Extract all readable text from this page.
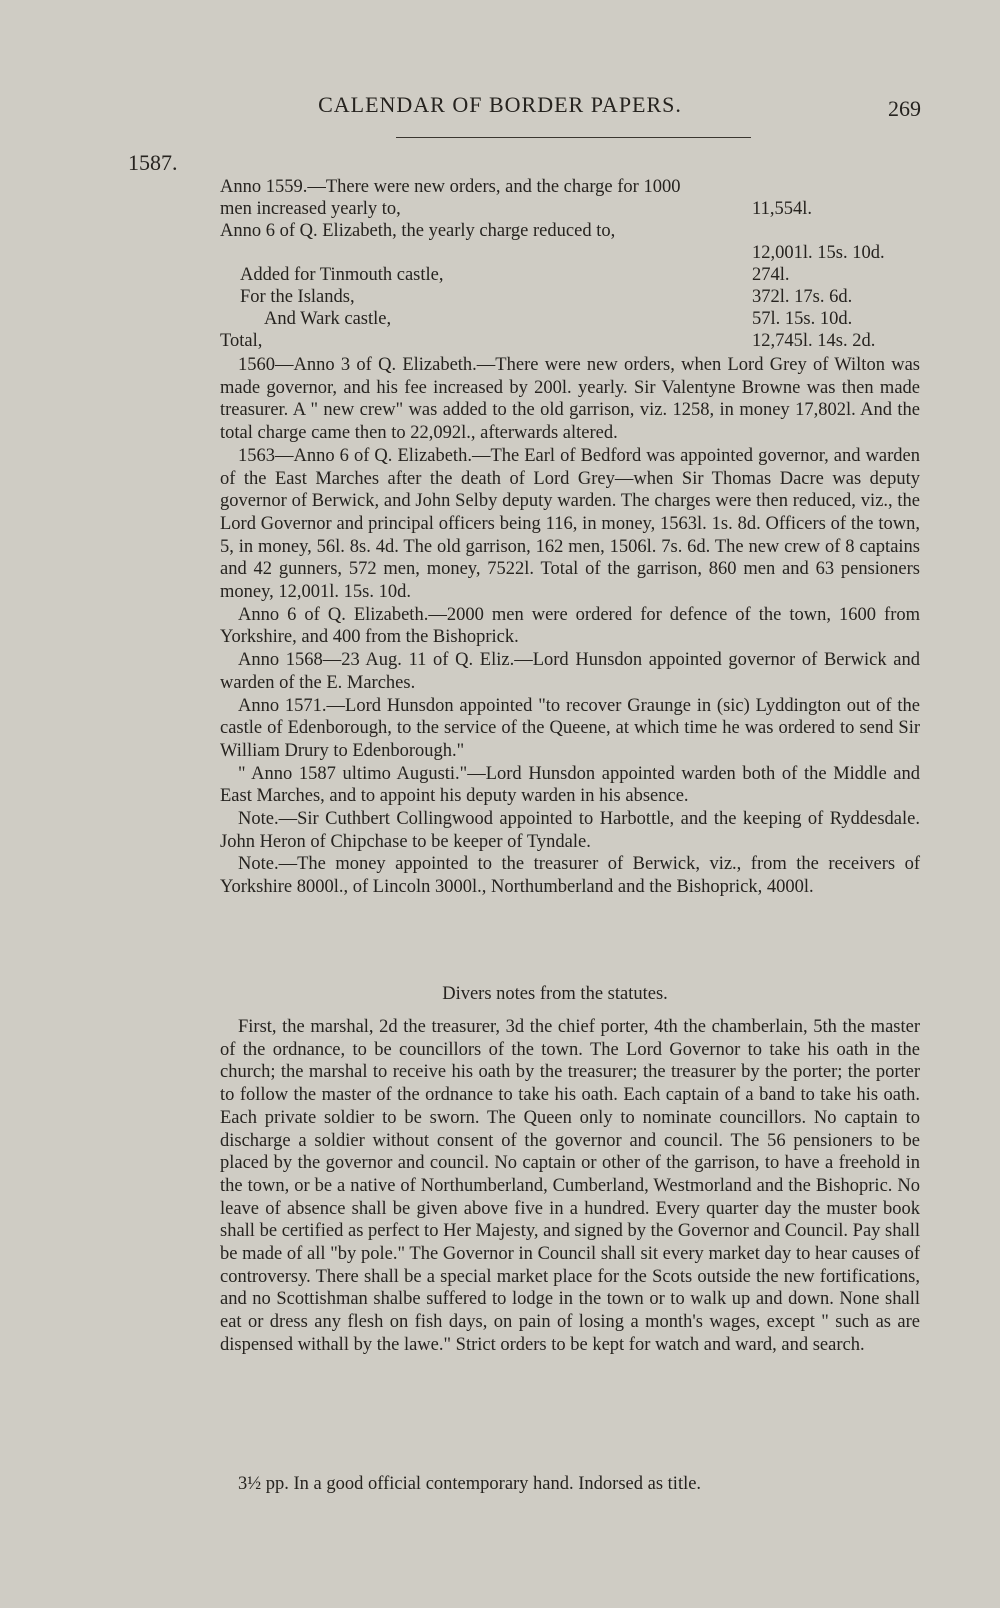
CALENDAR OF BORDER PAPERS.	269
1587.
Anno 1559.—There were new orders, and the charge for 1000 men increased yearly to,	11,554l.
Anno 6 of Q. Elizabeth, the yearly charge reduced to,
12,001l. 15s. 10d.
Added for Tinmouth castle,	274l.
For the Islands,	372l. 17s. 6d.
And Wark castle,	57l. 15s. 10d.
Total,	12,745l. 14s. 2d.

1560—Anno 3 of Q. Elizabeth.—There were new orders, when Lord Grey of Wilton was made governor, and his fee increased by 200l. yearly. Sir Valentyne Browne was then made treasurer. A " new crew" was added to the old garrison, viz. 1258, in money 17,802l. And the total charge came then to 22,092l., afterwards altered.

1563—Anno 6 of Q. Elizabeth.—The Earl of Bedford was appointed governor, and warden of the East Marches after the death of Lord Grey—when Sir Thomas Dacre was deputy governor of Berwick, and John Selby deputy warden. The charges were then reduced, viz., the Lord Governor and principal officers being 116, in money, 1563l. 1s. 8d. Officers of the town, 5, in money, 56l. 8s. 4d. The old garrison, 162 men, 1506l. 7s. 6d. The new crew of 8 captains and 42 gunners, 572 men, money, 7522l. Total of the garrison, 860 men and 63 pensioners money, 12,001l. 15s. 10d.

Anno 6 of Q. Elizabeth.—2000 men were ordered for defence of the town, 1600 from Yorkshire, and 400 from the Bishoprick.

Anno 1568—23 Aug. 11 of Q. Eliz.—Lord Hunsdon appointed governor of Berwick and warden of the E. Marches.

Anno 1571.—Lord Hunsdon appointed "to recover Graunge in (sic) Lyddington out of the castle of Edenborough, to the service of the Queene, at which time he was ordered to send Sir William Drury to Edenborough."

" Anno 1587 ultimo Augusti."—Lord Hunsdon appointed warden both of the Middle and East Marches, and to appoint his deputy warden in his absence.

Note.—Sir Cuthbert Collingwood appointed to Harbottle, and the keeping of Ryddesdale. John Heron of Chipchase to be keeper of Tyndale.

Note.—The money appointed to the treasurer of Berwick, viz., from the receivers of Yorkshire 8000l., of Lincoln 3000l., Northumberland and the Bishoprick, 4000l.

Divers notes from the statutes.

First, the marshal, 2d the treasurer, 3d the chief porter, 4th the chamberlain, 5th the master of the ordnance, to be councillors of the town. The Lord Governor to take his oath in the church; the marshal to receive his oath by the treasurer; the treasurer by the porter; the porter to follow the master of the ordnance to take his oath. Each captain of a band to take his oath. Each private soldier to be sworn. The Queen only to nominate councillors. No captain to discharge a soldier without consent of the governor and council. The 56 pensioners to be placed by the governor and council. No captain or other of the garrison, to have a freehold in the town, or be a native of Northumberland, Cumberland, Westmorland and the Bishopric. No leave of absence shall be given above five in a hundred. Every quarter day the muster book shall be certified as perfect to Her Majesty, and signed by the Governor and Council. Pay shall be made of all "by pole." The Governor in Council shall sit every market day to hear causes of controversy. There shall be a special market place for the Scots outside the new fortifications, and no Scottishman shalbe suffered to lodge in the town or to walk up and down. None shall eat or dress any flesh on fish days, on pain of losing a month's wages, except " such as are dispensed withall by the lawe." Strict orders to be kept for watch and ward, and search.

3½ pp. In a good official contemporary hand. Indorsed as title.
